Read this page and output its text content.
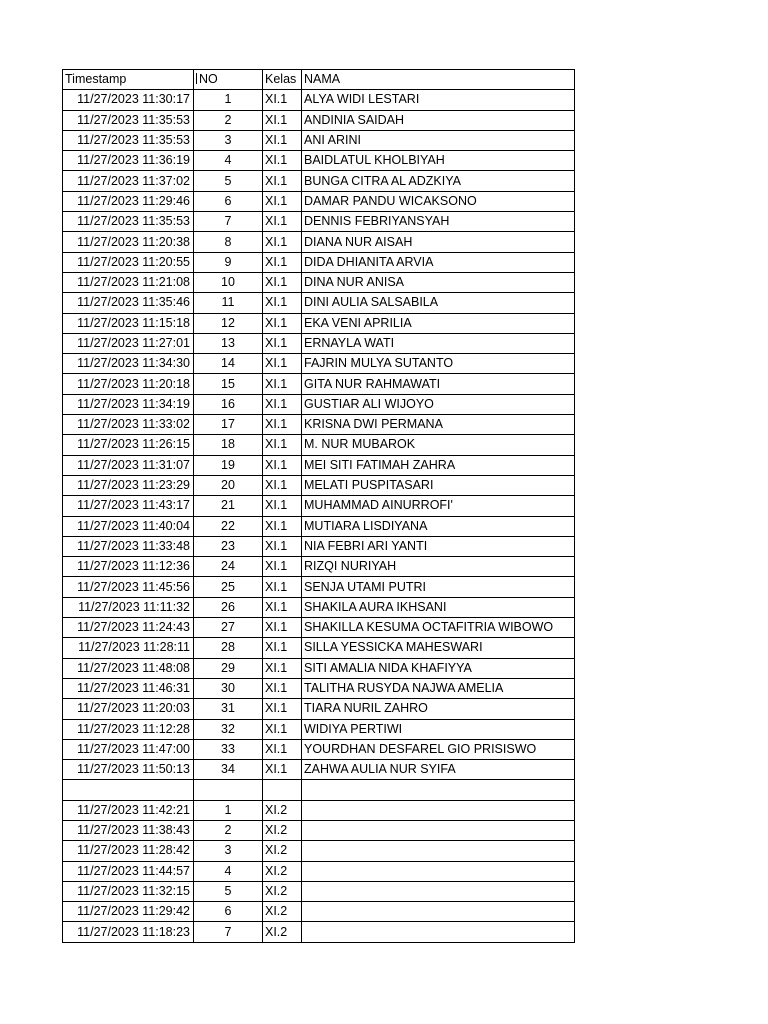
Timestamp	NO	Kelas	NAMA
11/27/2023 11:30:17	1	XI.1	ALYA WIDI LESTARI
11/27/2023 11:35:53	2	XI.1	ANDINIA SAIDAH
11/27/2023 11:35:53	3	XI.1	ANI ARINI
11/27/2023 11:36:19	4	XI.1	BAIDLATUL KHOLBIYAH
11/27/2023 11:37:02	5	XI.1	BUNGA CITRA AL ADZKIYA
11/27/2023 11:29:46	6	XI.1	DAMAR PANDU WICAKSONO
11/27/2023 11:35:53	7	XI.1	DENNIS FEBRIYANSYAH
11/27/2023 11:20:38	8	XI.1	DIANA NUR AISAH
11/27/2023 11:20:55	9	XI.1	DIDA DHIANITA ARVIA
11/27/2023 11:21:08	10	XI.1	DINA NUR ANISA
11/27/2023 11:35:46	11	XI.1	DINI AULIA SALSABILA
11/27/2023 11:15:18	12	XI.1	EKA VENI APRILIA
11/27/2023 11:27:01	13	XI.1	ERNAYLA WATI
11/27/2023 11:34:30	14	XI.1	FAJRIN MULYA SUTANTO
11/27/2023 11:20:18	15	XI.1	GITA NUR RAHMAWATI
11/27/2023 11:34:19	16	XI.1	GUSTIAR ALI WIJOYO
11/27/2023 11:33:02	17	XI.1	KRISNA DWI PERMANA
11/27/2023 11:26:15	18	XI.1	M. NUR MUBAROK
11/27/2023 11:31:07	19	XI.1	MEI SITI FATIMAH ZAHRA
11/27/2023 11:23:29	20	XI.1	MELATI PUSPITASARI
11/27/2023 11:43:17	21	XI.1	MUHAMMAD AINURROFI'
11/27/2023 11:40:04	22	XI.1	MUTIARA LISDIYANA
11/27/2023 11:33:48	23	XI.1	NIA FEBRI ARI YANTI
11/27/2023 11:12:36	24	XI.1	RIZQI NURIYAH
11/27/2023 11:45:56	25	XI.1	SENJA UTAMI PUTRI
11/27/2023 11:11:32	26	XI.1	SHAKILA AURA IKHSANI
11/27/2023 11:24:43	27	XI.1	SHAKILLA KESUMA OCTAFITRIA WIBOWO
11/27/2023 11:28:11	28	XI.1	SILLA YESSICKA MAHESWARI
11/27/2023 11:48:08	29	XI.1	SITI AMALIA NIDA KHAFIYYA
11/27/2023 11:46:31	30	XI.1	TALITHA RUSYDA NAJWA AMELIA
11/27/2023 11:20:03	31	XI.1	TIARA NURIL ZAHRO
11/27/2023 11:12:28	32	XI.1	WIDIYA PERTIWI
11/27/2023 11:47:00	33	XI.1	YOURDHAN DESFAREL GIO PRISISWO
11/27/2023 11:50:13	34	XI.1	ZAHWA AULIA NUR SYIFA

11/27/2023 11:42:21	1	XI.2	
11/27/2023 11:38:43	2	XI.2	
11/27/2023 11:28:42	3	XI.2	
11/27/2023 11:44:57	4	XI.2	
11/27/2023 11:32:15	5	XI.2	
11/27/2023 11:29:42	6	XI.2	
11/27/2023 11:18:23	7	XI.2	
